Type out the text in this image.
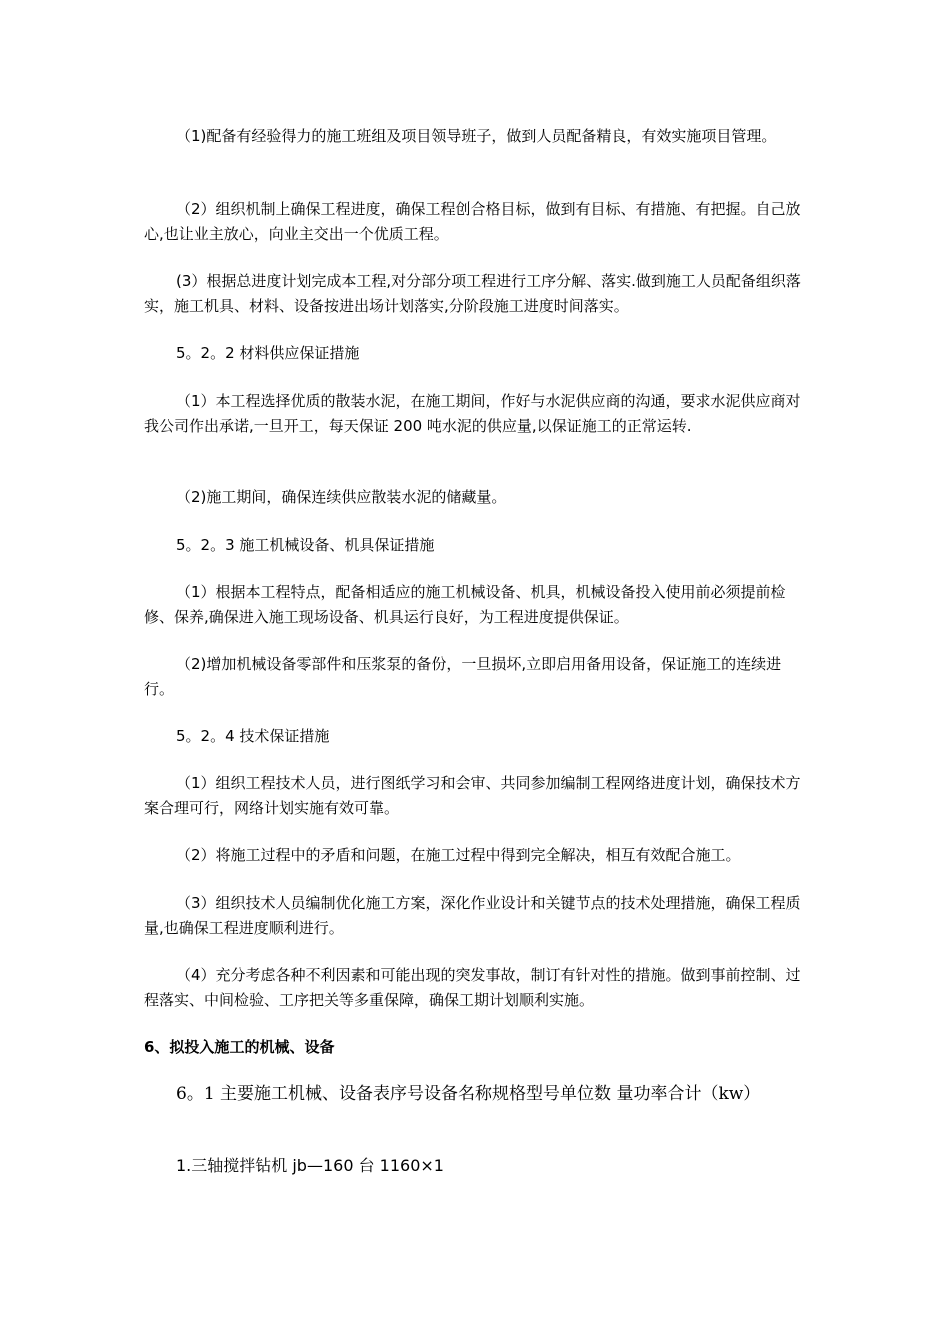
（1)配备有经验得力的施工班组及项目领导班子，做到人员配备精良，有效实施项目管理。

（2）组织机制上确保工程进度，确保工程创合格目标，做到有目标、有措施、有把握。自己放心,也让业主放心，向业主交出一个优质工程。

(3）根据总进度计划完成本工程,对分部分项工程进行工序分解、落实.做到施工人员配备组织落实，施工机具、材料、设备按进出场计划落实,分阶段施工进度时间落实。

5。2。2 材料供应保证措施

（1）本工程选择优质的散装水泥，在施工期间，作好与水泥供应商的沟通，要求水泥供应商对我公司作出承诺,一旦开工，每天保证 200 吨水泥的供应量,以保证施工的正常运转.

（2)施工期间，确保连续供应散装水泥的储藏量。

5。2。3 施工机械设备、机具保证措施

（1）根据本工程特点，配备相适应的施工机械设备、机具，机械设备投入使用前必须提前检修、保养,确保进入施工现场设备、机具运行良好，为工程进度提供保证。

（2)增加机械设备零部件和压浆泵的备份，一旦损坏,立即启用备用设备，保证施工的连续进行。

5。2。4 技术保证措施

（1）组织工程技术人员，进行图纸学习和会审、共同参加编制工程网络进度计划，确保技术方案合理可行，网络计划实施有效可靠。

（2）将施工过程中的矛盾和问题，在施工过程中得到完全解决，相互有效配合施工。

（3）组织技术人员编制优化施工方案，深化作业设计和关键节点的技术处理措施，确保工程质量,也确保工程进度顺利进行。

（4）充分考虑各种不利因素和可能出现的突发事故，制订有针对性的措施。做到事前控制、过程落实、中间检验、工序把关等多重保障，确保工期计划顺利实施。

6、拟投入施工的机械、设备

6。1 主要施工机械、设备表序号设备名称规格型号单位数 量功率合计（kw）

1.三轴搅拌钻机 jb—160 台 1160×1
